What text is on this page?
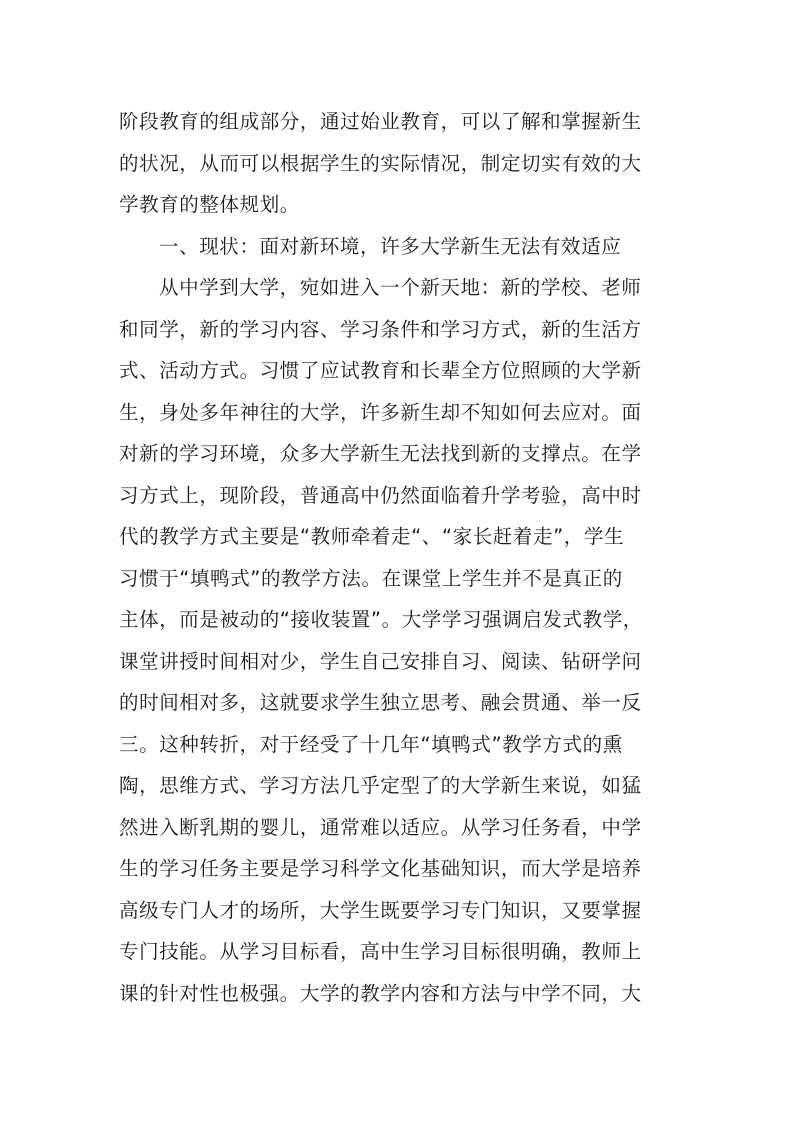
阶段教育的组成部分，通过始业教育，可以了解和掌握新生
的状况，从而可以根据学生的实际情况，制定切实有效的大
学教育的整体规划。
一、现状：面对新环境，许多大学新生无法有效适应
从中学到大学，宛如进入一个新天地：新的学校、老师
和同学，新的学习内容、学习条件和学习方式，新的生活方
式、活动方式。习惯了应试教育和长辈全方位照顾的大学新
生，身处多年神往的大学，许多新生却不知如何去应对。面
对新的学习环境，众多大学新生无法找到新的支撑点。在学
习方式上，现阶段，普通高中仍然面临着升学考验，高中时
代的教学方式主要是“教师牵着走“、“家长赶着走”，学生
习惯于“填鸭式”的教学方法。在课堂上学生并不是真正的
主体，而是被动的“接收装置”。大学学习强调启发式教学，
课堂讲授时间相对少，学生自己安排自习、阅读、钻研学问
的时间相对多，这就要求学生独立思考、融会贯通、举一反
三。这种转折，对于经受了十几年“填鸭式”教学方式的熏
陶，思维方式、学习方法几乎定型了的大学新生来说，如猛
然进入断乳期的婴儿，通常难以适应。从学习任务看，中学
生的学习任务主要是学习科学文化基础知识，而大学是培养
高级专门人才的场所，大学生既要学习专门知识，又要掌握
专门技能。从学习目标看，高中生学习目标很明确，教师上
课的针对性也极强。大学的教学内容和方法与中学不同，大
